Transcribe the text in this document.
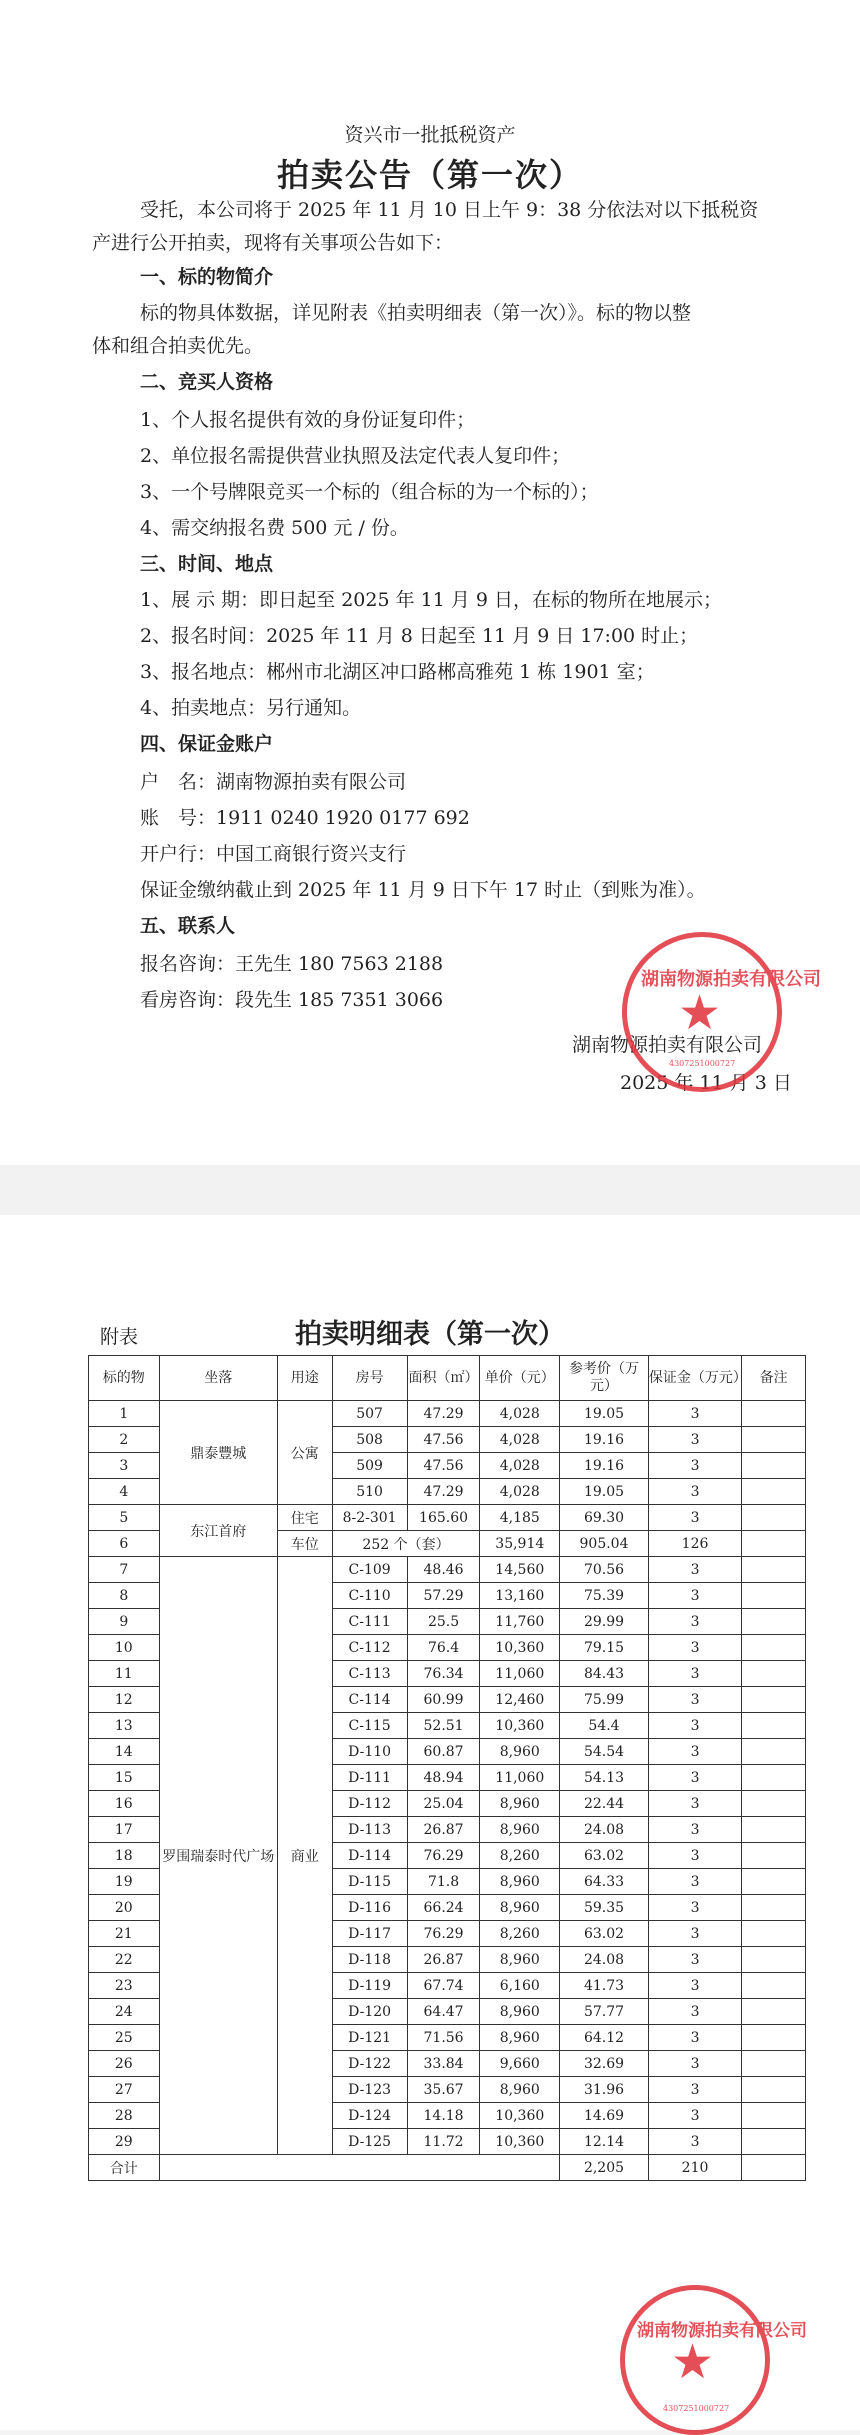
资兴市一批抵税资产
拍卖公告（第一次）
受托，本公司将于 2025 年 11 月 10 日上午 9：38 分依法对以下抵税资
产进行公开拍卖，现将有关事项公告如下：
一、标的物简介
标的物具体数据，详见附表《拍卖明细表（第一次）》。标的物以整
体和组合拍卖优先。
二、竞买人资格
1、个人报名提供有效的身份证复印件；
2、单位报名需提供营业执照及法定代表人复印件；
3、一个号牌限竞买一个标的（组合标的为一个标的）；
4、需交纳报名费 500 元 / 份。
三、时间、地点
1、展 示 期：即日起至 2025 年 11 月 9 日，在标的物所在地展示；
2、报名时间：2025 年 11 月 8 日起至 11 月 9 日 17:00 时止；
3、报名地点：郴州市北湖区冲口路郴高雅苑 1 栋 1901 室；
4、拍卖地点：另行通知。
四、保证金账户
户　名：湖南物源拍卖有限公司
账　号：1911 0240 1920 0177 692
开户行：中国工商银行资兴支行
保证金缴纳截止到 2025 年 11 月 9 日下午 17 时止（到账为准）。
五、联系人
报名咨询：王先生 180 7563 2188
看房咨询：段先生 185 7351 3066
湖南物源拍卖有限公司
2025 年 11 月 3 日
湖南物源拍卖有限公司
★
4307251000727
附表	拍卖明细表（第一次）
标的物	坐落	用途	房号	面积（㎡）	单价（元）	参考价（万元）	保证金（万元）	备注
1	鼎泰豐城	公寓	507	47.29	4,028	19.05	3	
2			508	47.56	4,028	19.16	3	
3			509	47.56	4,028	19.16	3	
4			510	47.29	4,028	19.05	3	
5	东江首府	住宅	8-2-301	165.60	4,185	69.30	3	
6		车位	252 个（套）		35,914	905.04	126	
7	罗围瑞泰时代广场	商业	C-109	48.46	14,560	70.56	3	
8			C-110	57.29	13,160	75.39	3	
9			C-111	25.5	11,760	29.99	3	
10			C-112	76.4	10,360	79.15	3	
11			C-113	76.34	11,060	84.43	3	
12			C-114	60.99	12,460	75.99	3	
13			C-115	52.51	10,360	54.4	3	
14			D-110	60.87	8,960	54.54	3	
15			D-111	48.94	11,060	54.13	3	
16			D-112	25.04	8,960	22.44	3	
17			D-113	26.87	8,960	24.08	3	
18			D-114	76.29	8,260	63.02	3	
19			D-115	71.8	8,960	64.33	3	
20			D-116	66.24	8,960	59.35	3	
21			D-117	76.29	8,260	63.02	3	
22			D-118	26.87	8,960	24.08	3	
23			D-119	67.74	6,160	41.73	3	
24			D-120	64.47	8,960	57.77	3	
25			D-121	71.56	8,960	64.12	3	
26			D-122	33.84	9,660	32.69	3	
27			D-123	35.67	8,960	31.96	3	
28			D-124	14.18	10,360	14.69	3	
29			D-125	11.72	10,360	12.14	3	
合计						2,205	210	
湖南物源拍卖有限公司
★
4307251000727
